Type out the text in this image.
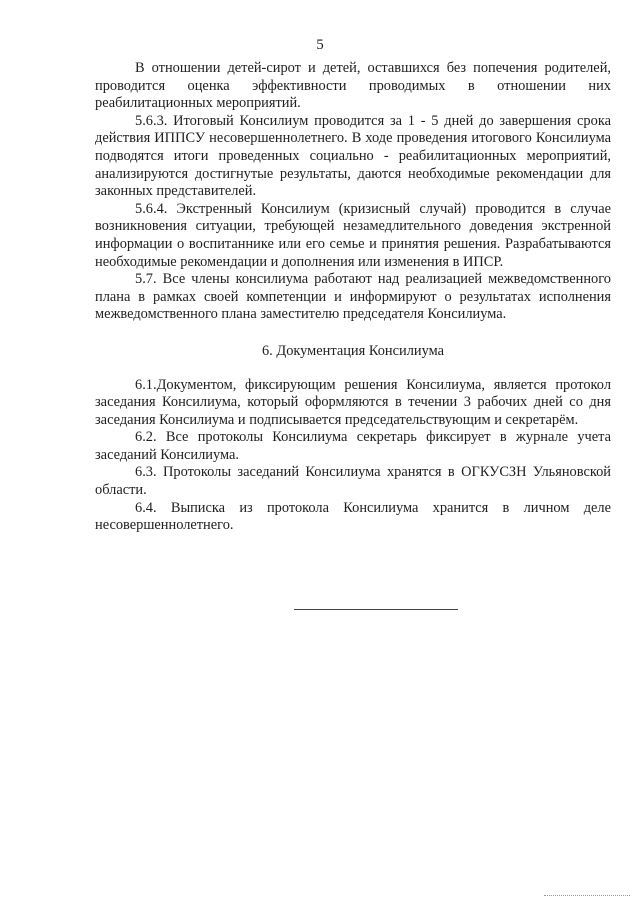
5

В отношении детей-сирот и детей, оставшихся без попечения родителей, проводится оценка эффективности проводимых в отношении них реабилитационных мероприятий.

5.6.3. Итоговый Консилиум проводится за 1 - 5 дней до завершения срока действия ИППСУ несовершеннолетнего. В ходе проведения итогового Консилиума подводятся итоги проведенных социально - реабилитационных мероприятий, анализируются достигнутые результаты, даются необходимые рекомендации для законных представителей.

5.6.4. Экстренный Консилиум (кризисный случай) проводится в случае возникновения ситуации, требующей незамедлительного доведения экстренной информации о воспитаннике или его семье и принятия решения. Разрабатываются необходимые рекомендации и дополнения или изменения в ИПСР.

5.7. Все члены консилиума работают над реализацией межведомственного плана в рамках своей компетенции и информируют о результатах исполнения межведомственного плана заместителю председателя Консилиума.

6. Документация Консилиума

6.1.Документом, фиксирующим решения Консилиума, является протокол заседания Консилиума, который оформляются в течении 3 рабочих дней со дня заседания Консилиума и подписывается председательствующим и секретарём.

6.2. Все протоколы Консилиума секретарь фиксирует в журнале учета заседаний Консилиума.

6.3. Протоколы заседаний Консилиума хранятся в ОГКУСЗН Ульяновской области.

6.4. Выписка из протокола Консилиума хранится в личном деле несовершеннолетнего.
